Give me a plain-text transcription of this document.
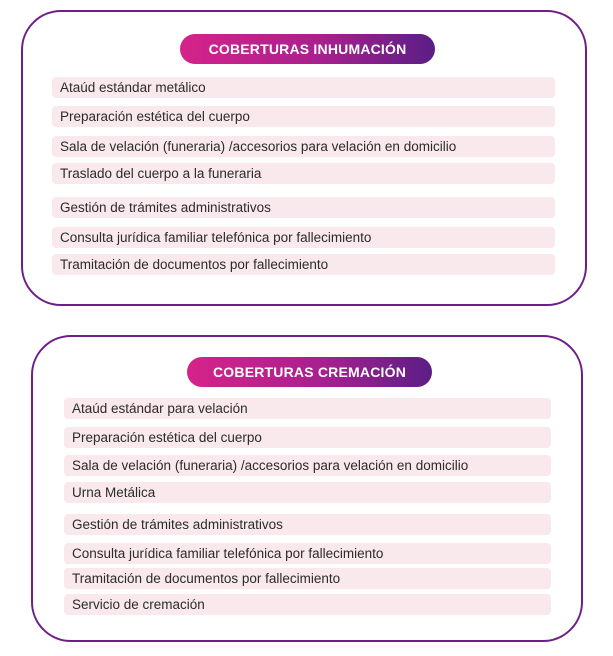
COBERTURAS INHUMACIÓN
Ataúd estándar metálico
Preparación estética del cuerpo
Sala de velación (funeraria) /accesorios para velación en domicilio
Traslado del cuerpo a la funeraria
Gestión de trámites administrativos
Consulta jurídica familiar telefónica por fallecimiento
Tramitación de documentos por fallecimiento
COBERTURAS CREMACIÓN
Ataúd estándar para velación
Preparación estética del cuerpo
Sala de velación (funeraria) /accesorios para velación en domicilio
Urna Metálica
Gestión de trámites administrativos
Consulta jurídica familiar telefónica por fallecimiento
Tramitación de documentos por fallecimiento
Servicio de cremación
